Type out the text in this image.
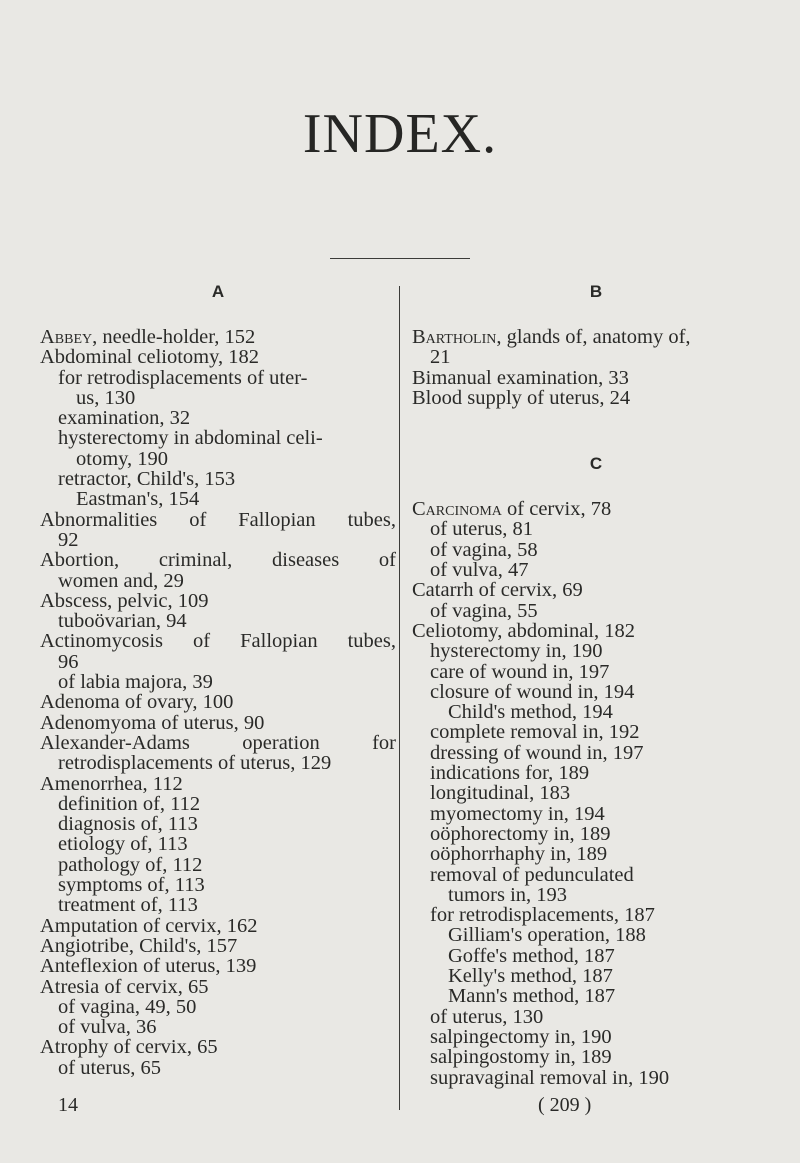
INDEX.
A
Abbey, needle-holder, 152
Abdominal celiotomy, 182
for retrodisplacements of uter-
us, 130
examination, 32
hysterectomy in abdominal celi-
otomy, 190
retractor, Child's, 153
Eastman's, 154
Abnormalities of Fallopian tubes,
92
Abortion, criminal, diseases of
women and, 29
Abscess, pelvic, 109
tuboövarian, 94
Actinomycosis of Fallopian tubes,
96
of labia majora, 39
Adenoma of ovary, 100
Adenomyoma of uterus, 90
Alexander-Adams operation for
retrodisplacements of uterus, 129
Amenorrhea, 112
definition of, 112
diagnosis of, 113
etiology of, 113
pathology of, 112
symptoms of, 113
treatment of, 113
Amputation of cervix, 162
Angiotribe, Child's, 157
Anteflexion of uterus, 139
Atresia of cervix, 65
of vagina, 49, 50
of vulva, 36
Atrophy of cervix, 65
of uterus, 65
B
Bartholin, glands of, anatomy of,
21
Bimanual examination, 33
Blood supply of uterus, 24
C
Carcinoma of cervix, 78
of uterus, 81
of vagina, 58
of vulva, 47
Catarrh of cervix, 69
of vagina, 55
Celiotomy, abdominal, 182
hysterectomy in, 190
care of wound in, 197
closure of wound in, 194
Child's method, 194
complete removal in, 192
dressing of wound in, 197
indications for, 189
longitudinal, 183
myomectomy in, 194
oöphorectomy in, 189
oöphorrhaphy in, 189
removal of pedunculated
tumors in, 193
for retrodisplacements, 187
Gilliam's operation, 188
Goffe's method, 187
Kelly's method, 187
Mann's method, 187
of uterus, 130
salpingectomy in, 190
salpingostomy in, 189
supravaginal removal in, 190
14	( 209 )
